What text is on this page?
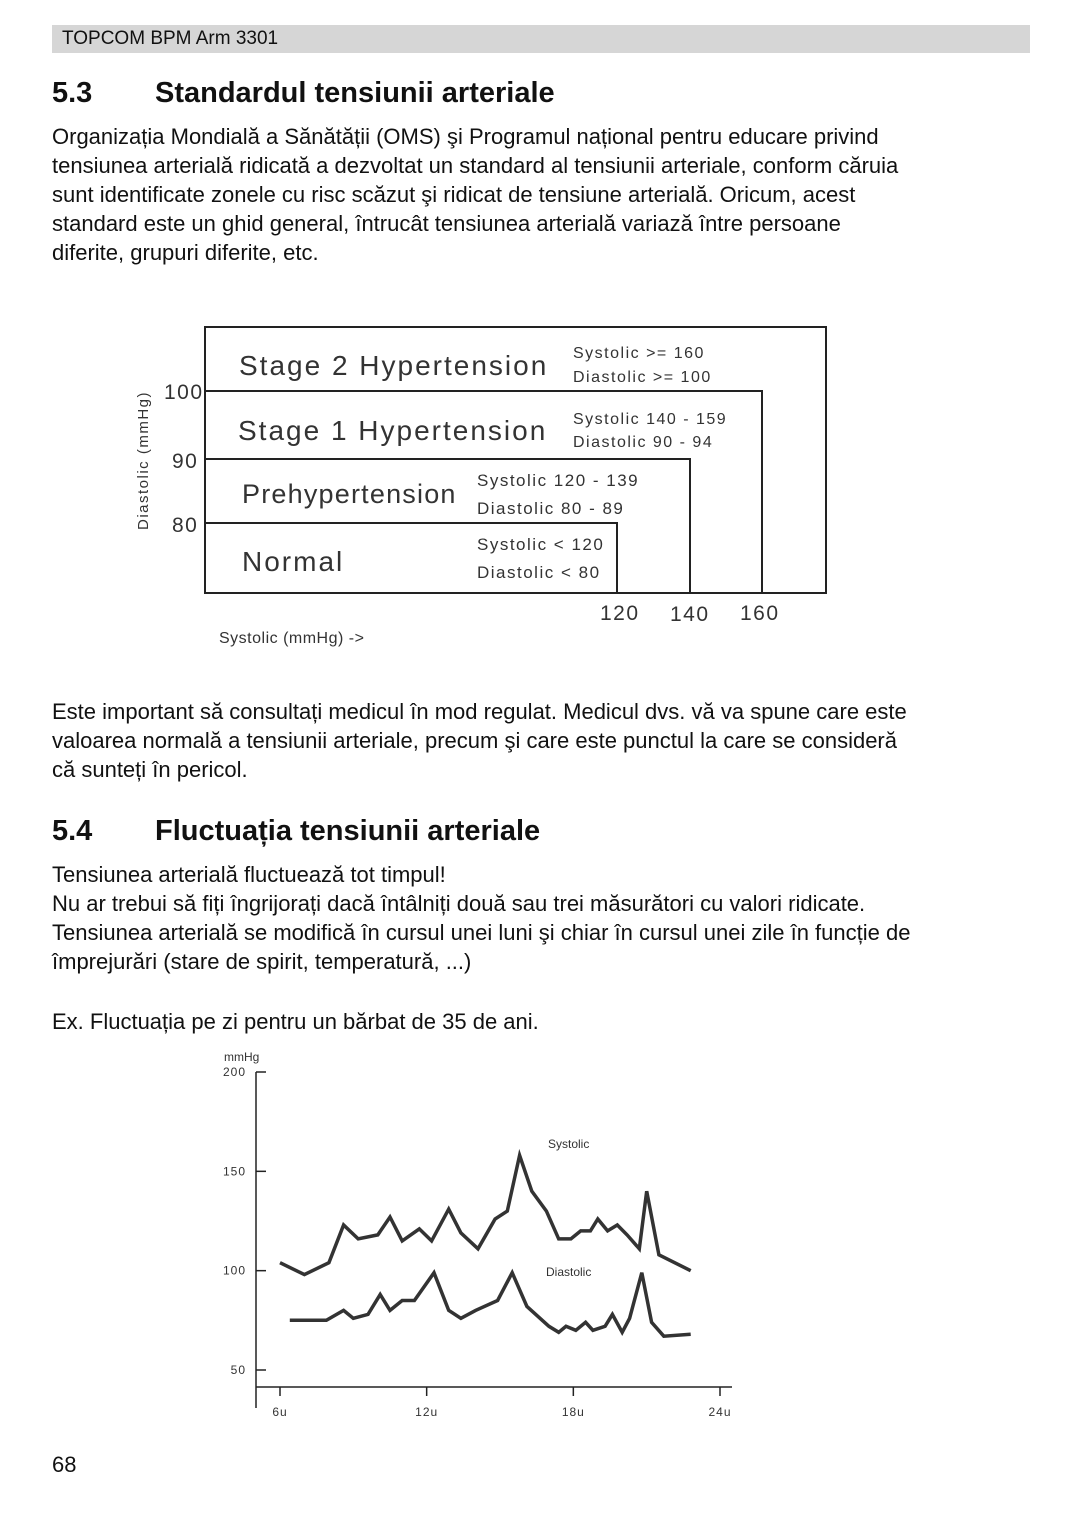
TOPCOM BPM Arm 3301
5.3 Standardul tensiunii arteriale

Organizația Mondială a Sănătății (OMS) şi Programul național pentru educare privind

tensiunea arterială ridicată a dezvoltat un standard al tensiunii arteriale, conform căruia

sunt identificate zonele cu risc scăzut şi ridicat de tensiune arterială. Oricum, acest

standard este un ghid general, întrucât tensiunea arterială variază între persoane

diferite, grupuri diferite, etc.

Stage 2 Hypertension
Stage 1 Hypertension
Prehypertension
Normal
Systolic >= 160
Diastolic >= 100
Systolic 140 - 159
Diastolic 90 - 94
Systolic 120 - 139
Diastolic 80 - 89
Systolic < 120
Diastolic < 80
100
90
80
120 140 160
Diastolic (mmHg)
Systolic (mmHg) ->

Este important să consultați medicul în mod regulat. Medicul dvs. vă va spune care este

valoarea normală a tensiunii arteriale, precum şi care este punctul la care se consideră

că sunteți în pericol.

5.4 Fluctuația tensiunii arteriale

Tensiunea arterială fluctuează tot timpul!

Nu ar trebui să fiți îngrijorați dacă întâlniți două sau trei măsurători cu valori ridicate.

Tensiunea arterială se modifică în cursul unei luni şi chiar în cursul unei zile în funcție de

împrejurări (stare de spirit, temperatură, ...)

Ex. Fluctuația pe zi pentru un bărbat de 35 de ani.

200
150
100
50
mmHg
6u	12u	18u	24u
Systolic
Diastolic
68
